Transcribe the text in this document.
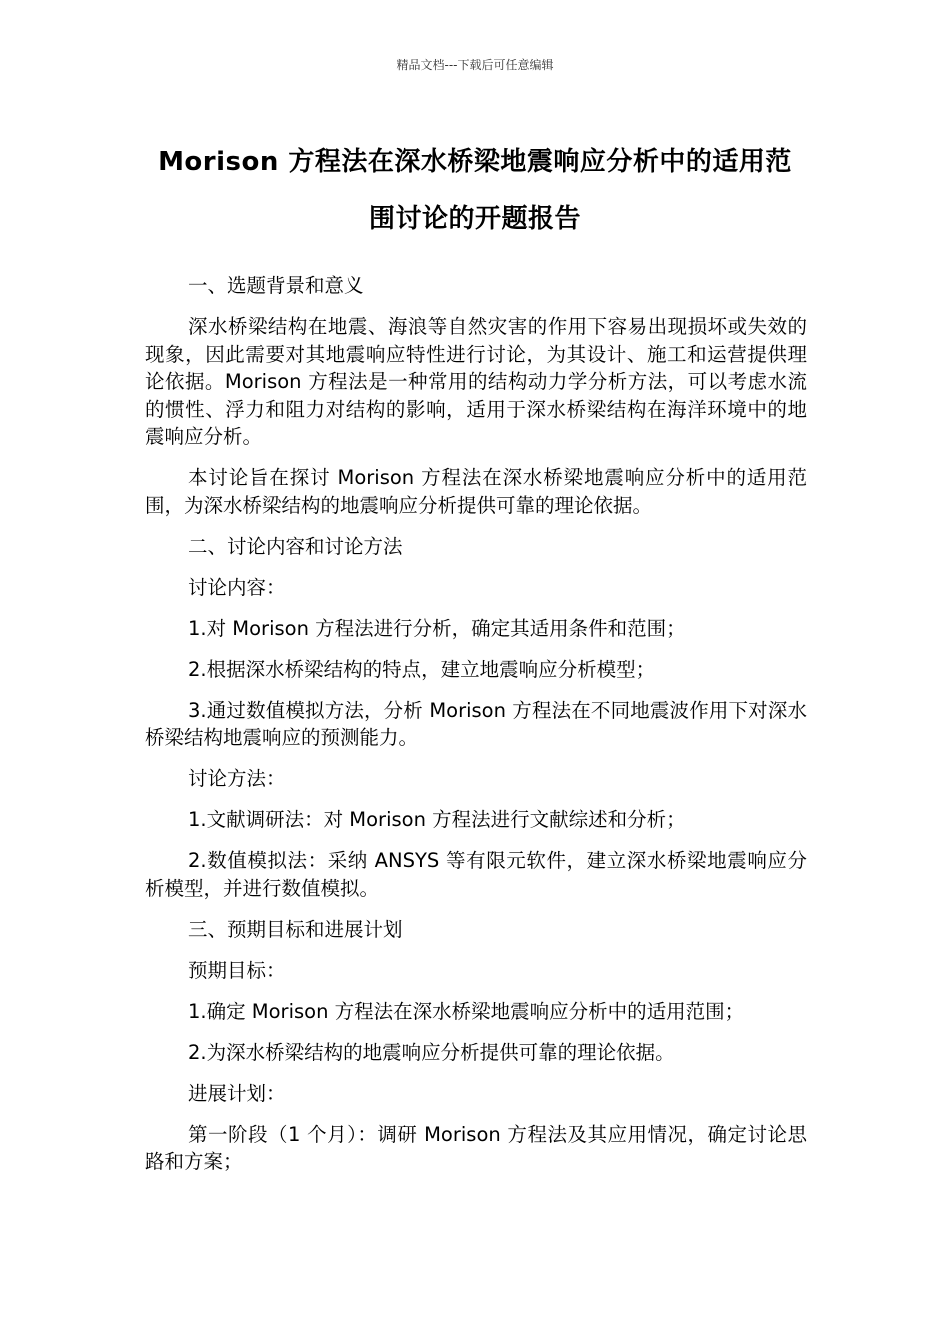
精品文档---下载后可任意编辑
Morison 方程法在深水桥梁地震响应分析中的适用范
围讨论的开题报告

一、选题背景和意义

深水桥梁结构在地震、海浪等自然灾害的作用下容易出现损坏或失效的现象，因此需要对其地震响应特性进行讨论，为其设计、施工和运营提供理论依据。Morison 方程法是一种常用的结构动力学分析方法，可以考虑水流的惯性、浮力和阻力对结构的影响，适用于深水桥梁结构在海洋环境中的地震响应分析。

本讨论旨在探讨 Morison 方程法在深水桥梁地震响应分析中的适用范围，为深水桥梁结构的地震响应分析提供可靠的理论依据。

二、讨论内容和讨论方法

讨论内容：

1.对 Morison 方程法进行分析，确定其适用条件和范围；

2.根据深水桥梁结构的特点，建立地震响应分析模型；

3.通过数值模拟方法，分析 Morison 方程法在不同地震波作用下对深水桥梁结构地震响应的预测能力。

讨论方法：

1.文献调研法：对 Morison 方程法进行文献综述和分析；

2.数值模拟法：采纳 ANSYS 等有限元软件，建立深水桥梁地震响应分析模型，并进行数值模拟。

三、预期目标和进展计划

预期目标：

1.确定 Morison 方程法在深水桥梁地震响应分析中的适用范围；

2.为深水桥梁结构的地震响应分析提供可靠的理论依据。

进展计划：

第一阶段（1 个月）：调研 Morison 方程法及其应用情况，确定讨论思路和方案；
